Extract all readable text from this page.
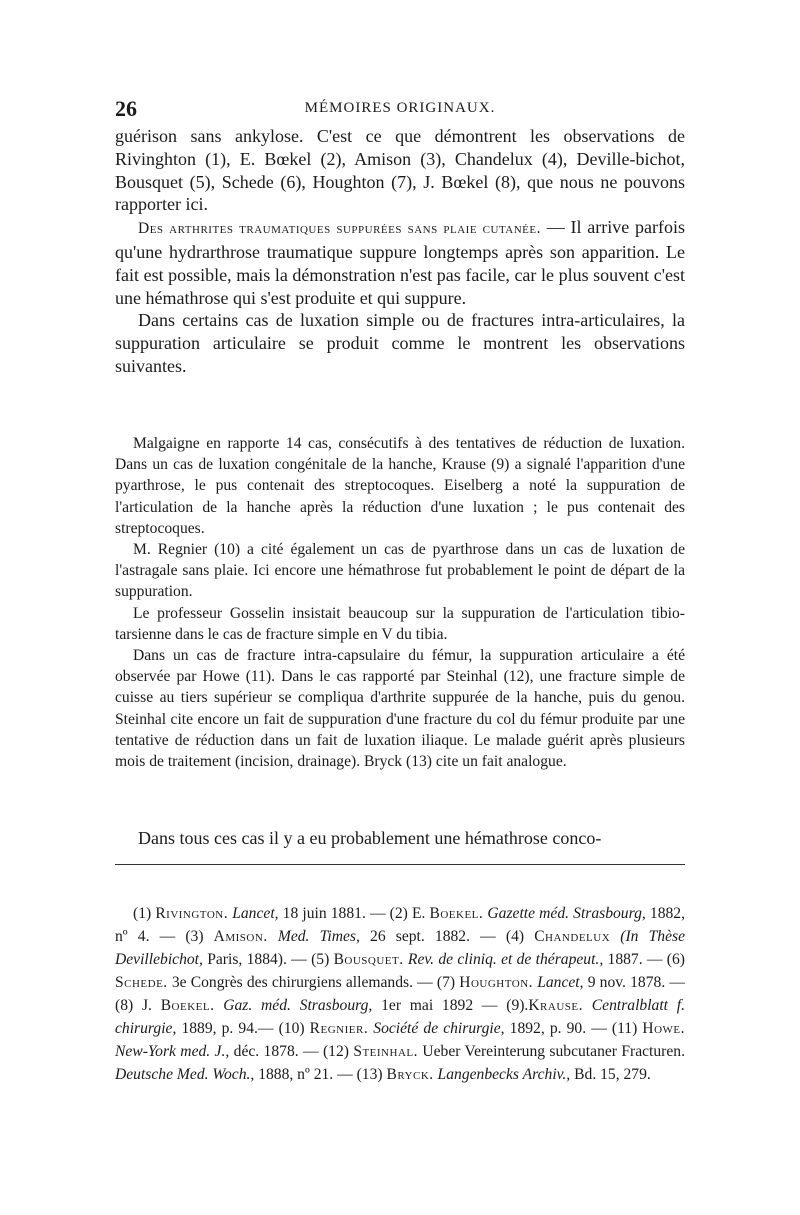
26	MÉMOIRES ORIGINAUX.

guérison sans ankylose. C'est ce que démontrent les observations de Rivinghton (1), E. Bœkel (2), Amison (3), Chandelux (4), Deville-bichot, Bousquet (5), Schede (6), Houghton (7), J. Bœkel (8), que nous ne pouvons rapporter ici.

Des arthrites traumatiques suppurées sans plaie cutanée. — Il arrive parfois qu'une hydrarthrose traumatique suppure longtemps après son apparition. Le fait est possible, mais la démonstration n'est pas facile, car le plus souvent c'est une hémathrose qui s'est produite et qui suppure.

Dans certains cas de luxation simple ou de fractures intra-articulaires, la suppuration articulaire se produit comme le montrent les observations suivantes.

Malgaigne en rapporte 14 cas, consécutifs à des tentatives de réduction de luxation. Dans un cas de luxation congénitale de la hanche, Krause (9) a signalé l'apparition d'une pyarthrose, le pus contenait des streptocoques. Eiselberg a noté la suppuration de l'articulation de la hanche après la réduction d'une luxation ; le pus contenait des streptocoques.

M. Regnier (10) a cité également un cas de pyarthrose dans un cas de luxation de l'astragale sans plaie. Ici encore une hémathrose fut probablement le point de départ de la suppuration.

Le professeur Gosselin insistait beaucoup sur la suppuration de l'articulation tibio-tarsienne dans le cas de fracture simple en V du tibia.

Dans un cas de fracture intra-capsulaire du fémur, la suppuration articulaire a été observée par Howe (11). Dans le cas rapporté par Steinhal (12), une fracture simple de cuisse au tiers supérieur se compliqua d'arthrite suppurée de la hanche, puis du genou. Steinhal cite encore un fait de suppuration d'une fracture du col du fémur produite par une tentative de réduction dans un fait de luxation iliaque. Le malade guérit après plusieurs mois de traitement (incision, drainage). Bryck (13) cite un fait analogue.

Dans tous ces cas il y a eu probablement une hémathrose conco-

(1) Rivington. Lancet, 18 juin 1881. — (2) E. Boekel. Gazette méd. Strasbourg, 1882, nº 4. — (3) Amison. Med. Times, 26 sept. 1882. — (4) Chandelux (In Thèse Devillebichot, Paris, 1884). — (5) Bousquet. Rev. de cliniq. et de thérapeut., 1887. — (6) Schede. 3e Congrès des chirurgiens allemands. — (7) Houghton. Lancet, 9 nov. 1878. — (8) J. Boekel. Gaz. méd. Strasbourg, 1er mai 1892 — (9).Krause. Centralblatt f. chirurgie, 1889, p. 94.— (10) Regnier. Société de chirurgie, 1892, p. 90. — (11) Howe. New-York med. J., déc. 1878. — (12) Steinhal. Ueber Vereinterung subcutaner Fracturen. Deutsche Med. Woch., 1888, nº 21. — (13) Bryck. Langenbecks Archiv., Bd. 15, 279.
